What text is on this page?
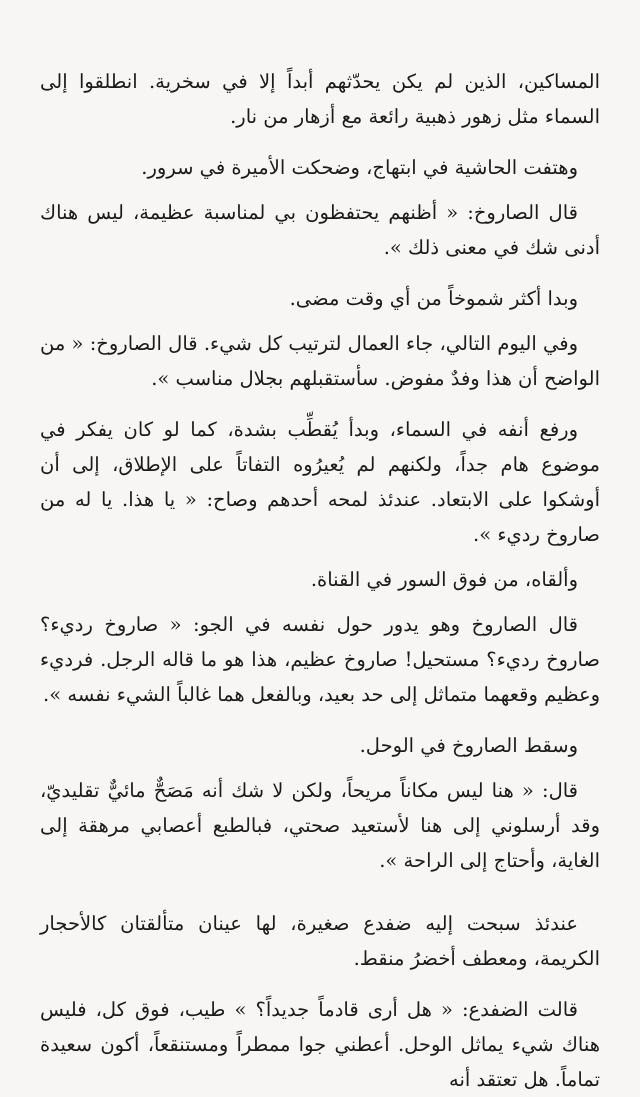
المساكين، الذين لم يكن يحدّثهم أبداً إلا في سخرية. انطلقوا إلى السماء مثل زهور ذهبية رائعة مع أزهار من نار.

وهتفت الحاشية في ابتهاج، وضحكت الأميرة في سرور.

قال الصاروخ: « أظنهم يحتفظون بي لمناسبة عظيمة، ليس هناك أدنى شك في معنى ذلك ».

وبدا أكثر شموخاً من أي وقت مضى.

وفي اليوم التالي، جاء العمال لترتيب كل شيء. قال الصاروخ: « من الواضح أن هذا وفدٌ مفوض. سأستقبلهم بجلال مناسب ».

ورفع أنفه في السماء، وبدأ يُقطِّب بشدة، كما لو كان يفكر في موضوع هام جداً، ولكنهم لم يُعيرُوه التفاتاً على الإطلاق، إلى أن أوشكوا على الابتعاد. عندئذ لمحه أحدهم وصاح: « يا هذا. يا له من صاروخ رديء ».

وألقاه، من فوق السور في القناة.

قال الصاروخ وهو يدور حول نفسه في الجو: « صاروخ رديء؟ صاروخ رديء؟ مستحيل! صاروخ عظيم، هذا هو ما قاله الرجل. فرديء وعظيم وقعهما متماثل إلى حد بعيد، وبالفعل هما غالباً الشيء نفسه ».

وسقط الصاروخ في الوحل.

قال: « هنا ليس مكاناً مريحاً، ولكن لا شك أنه مَصَحٌّ مائيٌّ تقليديّ، وقد أرسلوني إلى هنا لأستعيد صحتي، فبالطبع أعصابي مرهقة إلى الغاية، وأحتاج إلى الراحة ».

عندئذ سبحت إليه ضفدع صغيرة، لها عينان متألقتان كالأحجار الكريمة، ومعطف أخضرُ منقط.

قالت الضفدع: « هل أرى قادماً جديداً؟ » طيب، فوق كل، فليس هناك شيء يماثل الوحل. أعطني جوا ممطراً ومستنقعاً، أكون سعيدة تماماً. هل تعتقد أنه
